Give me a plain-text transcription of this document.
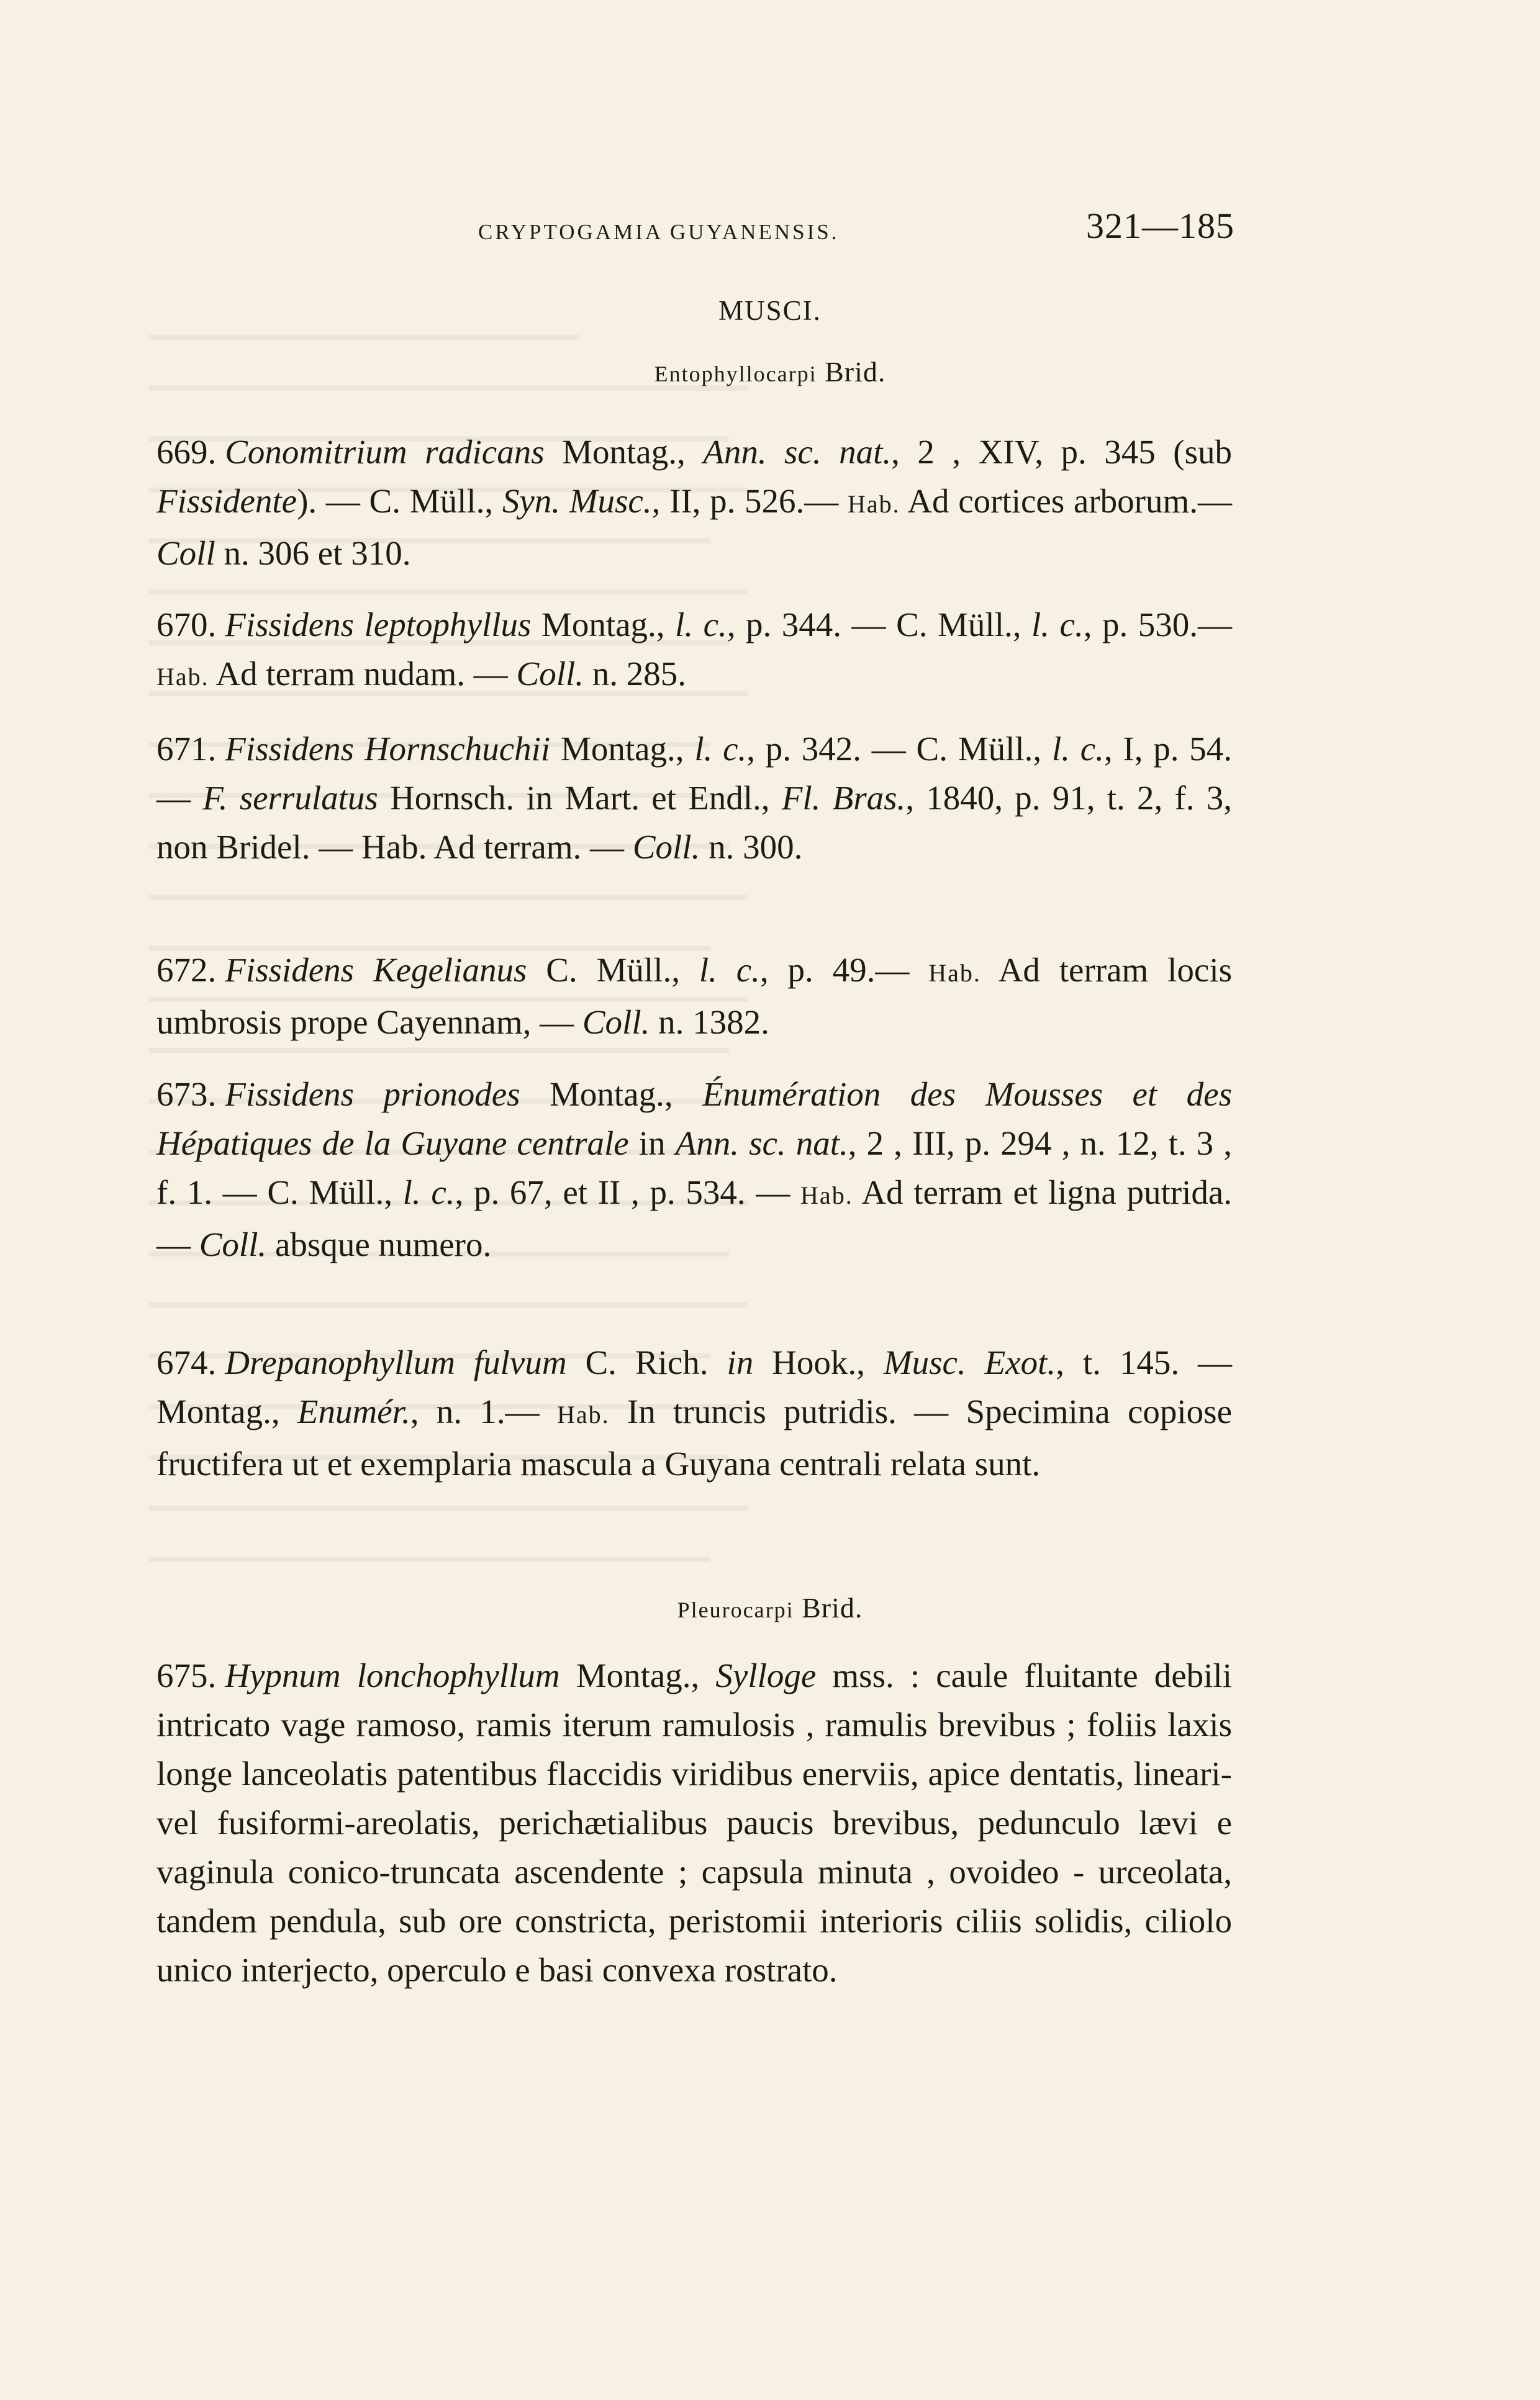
CRYPTOGAMIA GUYANENSIS.	321—185
MUSCI.
Entophyllocarpi Brid.
669. Conomitrium radicans Montag., Ann. sc. nat., 2 , XIV, p. 345 (sub Fissidente). — C. Müll., Syn. Musc., II, p. 526.— Hab. Ad cortices arborum.— Coll n. 306 et 310.
670. Fissidens leptophyllus Montag., l. c., p. 344. — C. Müll., l. c., p. 530.— Hab. Ad terram nudam. — Coll. n. 285.
671. Fissidens Hornschuchii Montag., l. c., p. 342. — C. Müll., l. c., I, p. 54. — F. serrulatus Hornsch. in Mart. et Endl., Fl. Bras., 1840, p. 91, t. 2, f. 3, non Bridel. — Hab. Ad terram. — Coll. n. 300.
672. Fissidens Kegelianus C. Müll., l. c., p. 49.— Hab. Ad terram locis umbrosis prope Cayennam, — Coll. n. 1382.
673. Fissidens prionodes Montag., Énumération des Mousses et des Hépatiques de la Guyane centrale in Ann. sc. nat., 2 , III, p. 294 , n. 12, t. 3 , f. 1. — C. Müll., l. c., p. 67, et II , p. 534. — Hab. Ad terram et ligna putrida. — Coll. absque numero.
674. Drepanophyllum fulvum C. Rich. in Hook., Musc. Exot., t. 145. — Montag., Enumér., n. 1.— Hab. In truncis putridis. — Specimina copiose fructifera ut et exemplaria mascula a Guyana centrali relata sunt.
Pleurocarpi Brid.
675. Hypnum lonchophyllum Montag., Sylloge mss. : caule fluitante debili intricato vage ramoso, ramis iterum ramulosis , ramulis brevibus ; foliis laxis longe lanceolatis patentibus flaccidis viridibus enerviis, apice dentatis, lineari-vel fusiformi-areolatis, perichætialibus paucis brevibus, pedunculo lævi e vaginula conico-truncata ascendente ; capsula minuta , ovoideo - urceolata, tandem pendula, sub ore constricta, peristomii interioris ciliis solidis, ciliolo unico interjecto, operculo e basi convexa rostrato.
